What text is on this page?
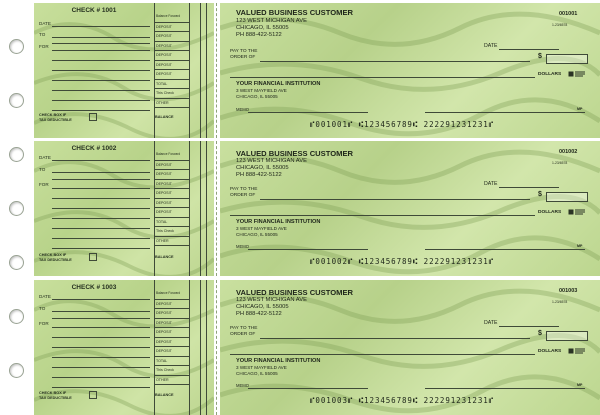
CHECK # 1001
DATE
TO
FOR
Balance Forward
DEPOSIT
DEPOSIT
DEPOSIT
DEPOSIT
DEPOSIT
DEPOSIT
TOTAL
This Check
OTHER
CHECK BOX IF
TAX DEDUCTIBLE
BALANCE
VALUED BUSINESS CUSTOMER
123 WEST MICHIGAN AVE
CHICAGO, IL 55005
PH 888-422-5122
001001
1-23/6578
DATE
PAY TO THE
ORDER OF	$
DOLLARS
YOUR FINANCIAL INSTITUTION
3 WEST MAYFIELD AVE
CHICAGO, IL 55005
MEMO	MP
⑈001001⑈ ⑆123456789⑆ 222291231231⑈
CHECK # 1002
DATE
TO
FOR
Balance Forward
DEPOSIT
DEPOSIT
DEPOSIT
DEPOSIT
DEPOSIT
DEPOSIT
TOTAL
This Check
OTHER
CHECK BOX IF
TAX DEDUCTIBLE
BALANCE
VALUED BUSINESS CUSTOMER
123 WEST MICHIGAN AVE
CHICAGO, IL 55005
PH 888-422-5122
001002
1-23/6578
DATE
PAY TO THE
ORDER OF	$
DOLLARS
YOUR FINANCIAL INSTITUTION
3 WEST MAYFIELD AVE
CHICAGO, IL 55005
MEMO	MP
⑈001002⑈ ⑆123456789⑆ 222291231231⑈
CHECK # 1003
DATE
TO
FOR
Balance Forward
DEPOSIT
DEPOSIT
DEPOSIT
DEPOSIT
DEPOSIT
DEPOSIT
TOTAL
This Check
OTHER
CHECK BOX IF
TAX DEDUCTIBLE
BALANCE
VALUED BUSINESS CUSTOMER
123 WEST MICHIGAN AVE
CHICAGO, IL 55005
PH 888-422-5122
001003
1-23/6578
DATE
PAY TO THE
ORDER OF	$
DOLLARS
YOUR FINANCIAL INSTITUTION
3 WEST MAYFIELD AVE
CHICAGO, IL 55005
MEMO	MP
⑈001003⑈ ⑆123456789⑆ 222291231231⑈
